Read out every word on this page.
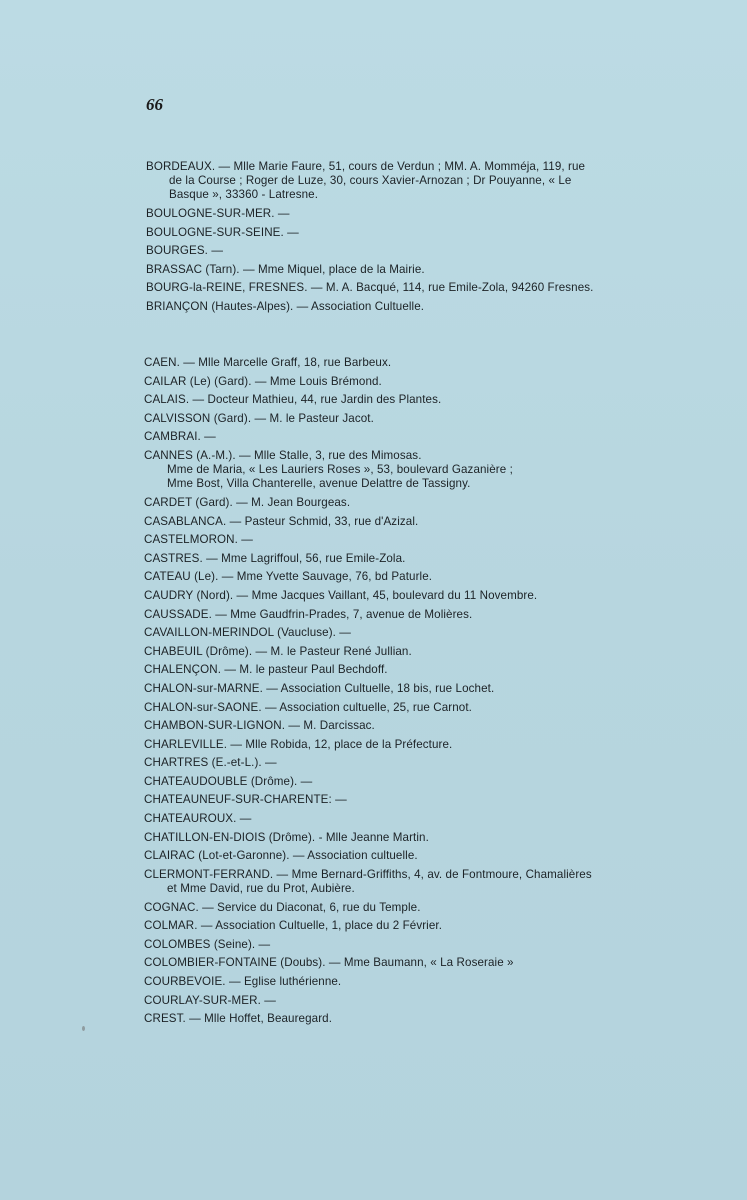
66
BORDEAUX. — Mlle Marie Faure, 51, cours de Verdun ; MM. A. Momméja, 119, rue
de la Course ; Roger de Luze, 30, cours Xavier-Arnozan ; Dr Pouyanne, « Le
Basque », 33360 - Latresne.
BOULOGNE-SUR-MER. —
BOULOGNE-SUR-SEINE. —
BOURGES. —
BRASSAC (Tarn). — Mme Miquel, place de la Mairie.
BOURG-la-REINE, FRESNES. — M. A. Bacqué, 114, rue Emile-Zola, 94260 Fresnes.
BRIANÇON (Hautes-Alpes). — Association Cultuelle.
CAEN. — Mlle Marcelle Graff, 18, rue Barbeux.
CAILAR (Le) (Gard). — Mme Louis Brémond.
CALAIS. — Docteur Mathieu, 44, rue Jardin des Plantes.
CALVISSON (Gard). — M. le Pasteur Jacot.
CAMBRAI. —
CANNES (A.-M.). — Mlle Stalle, 3, rue des Mimosas.
Mme de Maria, « Les Lauriers Roses », 53, boulevard Gazanière ;
Mme Bost, Villa Chanterelle, avenue Delattre de Tassigny.
CARDET (Gard). — M. Jean Bourgeas.
CASABLANCA. — Pasteur Schmid, 33, rue d'Azizal.
CASTELMORON. —
CASTRES. — Mme Lagriffoul, 56, rue Emile-Zola.
CATEAU (Le). — Mme Yvette Sauvage, 76, bd Paturle.
CAUDRY (Nord). — Mme Jacques Vaillant, 45, boulevard du 11 Novembre.
CAUSSADE. — Mme Gaudfrin-Prades, 7, avenue de Molières.
CAVAILLON-MERINDOL (Vaucluse). —
CHABEUIL (Drôme). — M. le Pasteur René Jullian.
CHALENÇON. — M. le pasteur Paul Bechdoff.
CHALON-sur-MARNE. — Association Cultuelle, 18 bis, rue Lochet.
CHALON-sur-SAONE. — Association cultuelle, 25, rue Carnot.
CHAMBON-SUR-LIGNON. — M. Darcissac.
CHARLEVILLE. — Mlle Robida, 12, place de la Préfecture.
CHARTRES (E.-et-L.). —
CHATEAUDOUBLE (Drôme). —
CHATEAUNEUF-SUR-CHARENTE: —
CHATEAUROUX. —
CHATILLON-EN-DIOIS (Drôme). - Mlle Jeanne Martin.
CLAIRAC (Lot-et-Garonne). — Association cultuelle.
CLERMONT-FERRAND. — Mme Bernard-Griffiths, 4, av. de Fontmoure, Chamalières
et Mme David, rue du Prot, Aubière.
COGNAC. — Service du Diaconat, 6, rue du Temple.
COLMAR. — Association Cultuelle, 1, place du 2 Février.
COLOMBES (Seine). —
COLOMBIER-FONTAINE (Doubs). — Mme Baumann, « La Roseraie »
COURBEVOIE. — Eglise luthérienne.
COURLAY-SUR-MER. —
CREST. — Mlle Hoffet, Beauregard.
